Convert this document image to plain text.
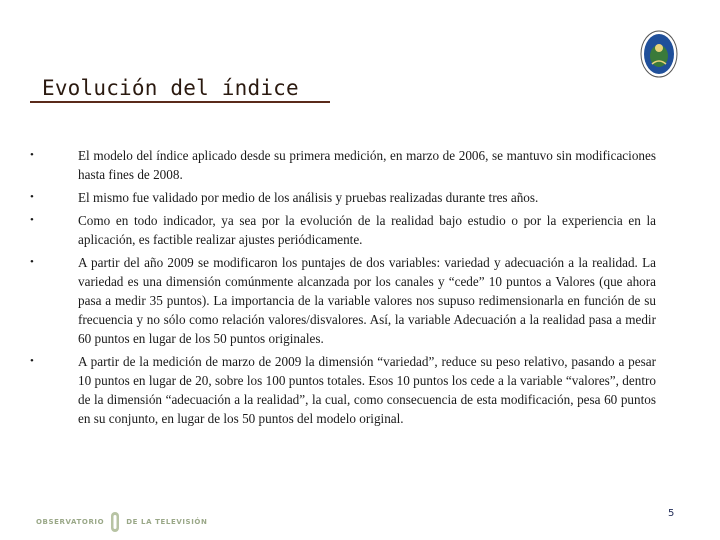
Evolución del índice
•	El modelo del índice aplicado desde su primera medición, en marzo de 2006, se mantuvo sin modificaciones hasta fines de 2008.
•	El mismo fue validado por medio de los análisis y pruebas realizadas durante tres años.
•	Como en todo indicador, ya sea por la evolución de la realidad bajo estudio o por la experiencia en la aplicación, es factible realizar ajustes periódicamente.
•	A partir del año 2009 se modificaron los puntajes de dos variables: variedad y adecuación a la realidad. La variedad es una dimensión comúnmente alcanzada por los canales y “cede” 10 puntos a Valores (que ahora pasa a medir 35 puntos). La importancia de la variable valores nos supuso redimensionarla en función de su frecuencia y no sólo como relación valores/disvalores. Así, la variable Adecuación a la realidad pasa a medir 60 puntos en lugar de los 50 puntos originales.
•	A partir de la medición de marzo de 2009 la dimensión “variedad”, reduce su peso relativo, pasando a pesar 10 puntos en lugar de 20, sobre los 100 puntos totales. Esos 10 puntos los cede a la variable “valores”, dentro de la dimensión “adecuación a la realidad”, la cual, como consecuencia de esta modificación, pesa 60 puntos en su conjunto, en lugar de los 50 puntos del modelo original.
OBSERVATORIO	DE LA TELEVISIÓN
5
